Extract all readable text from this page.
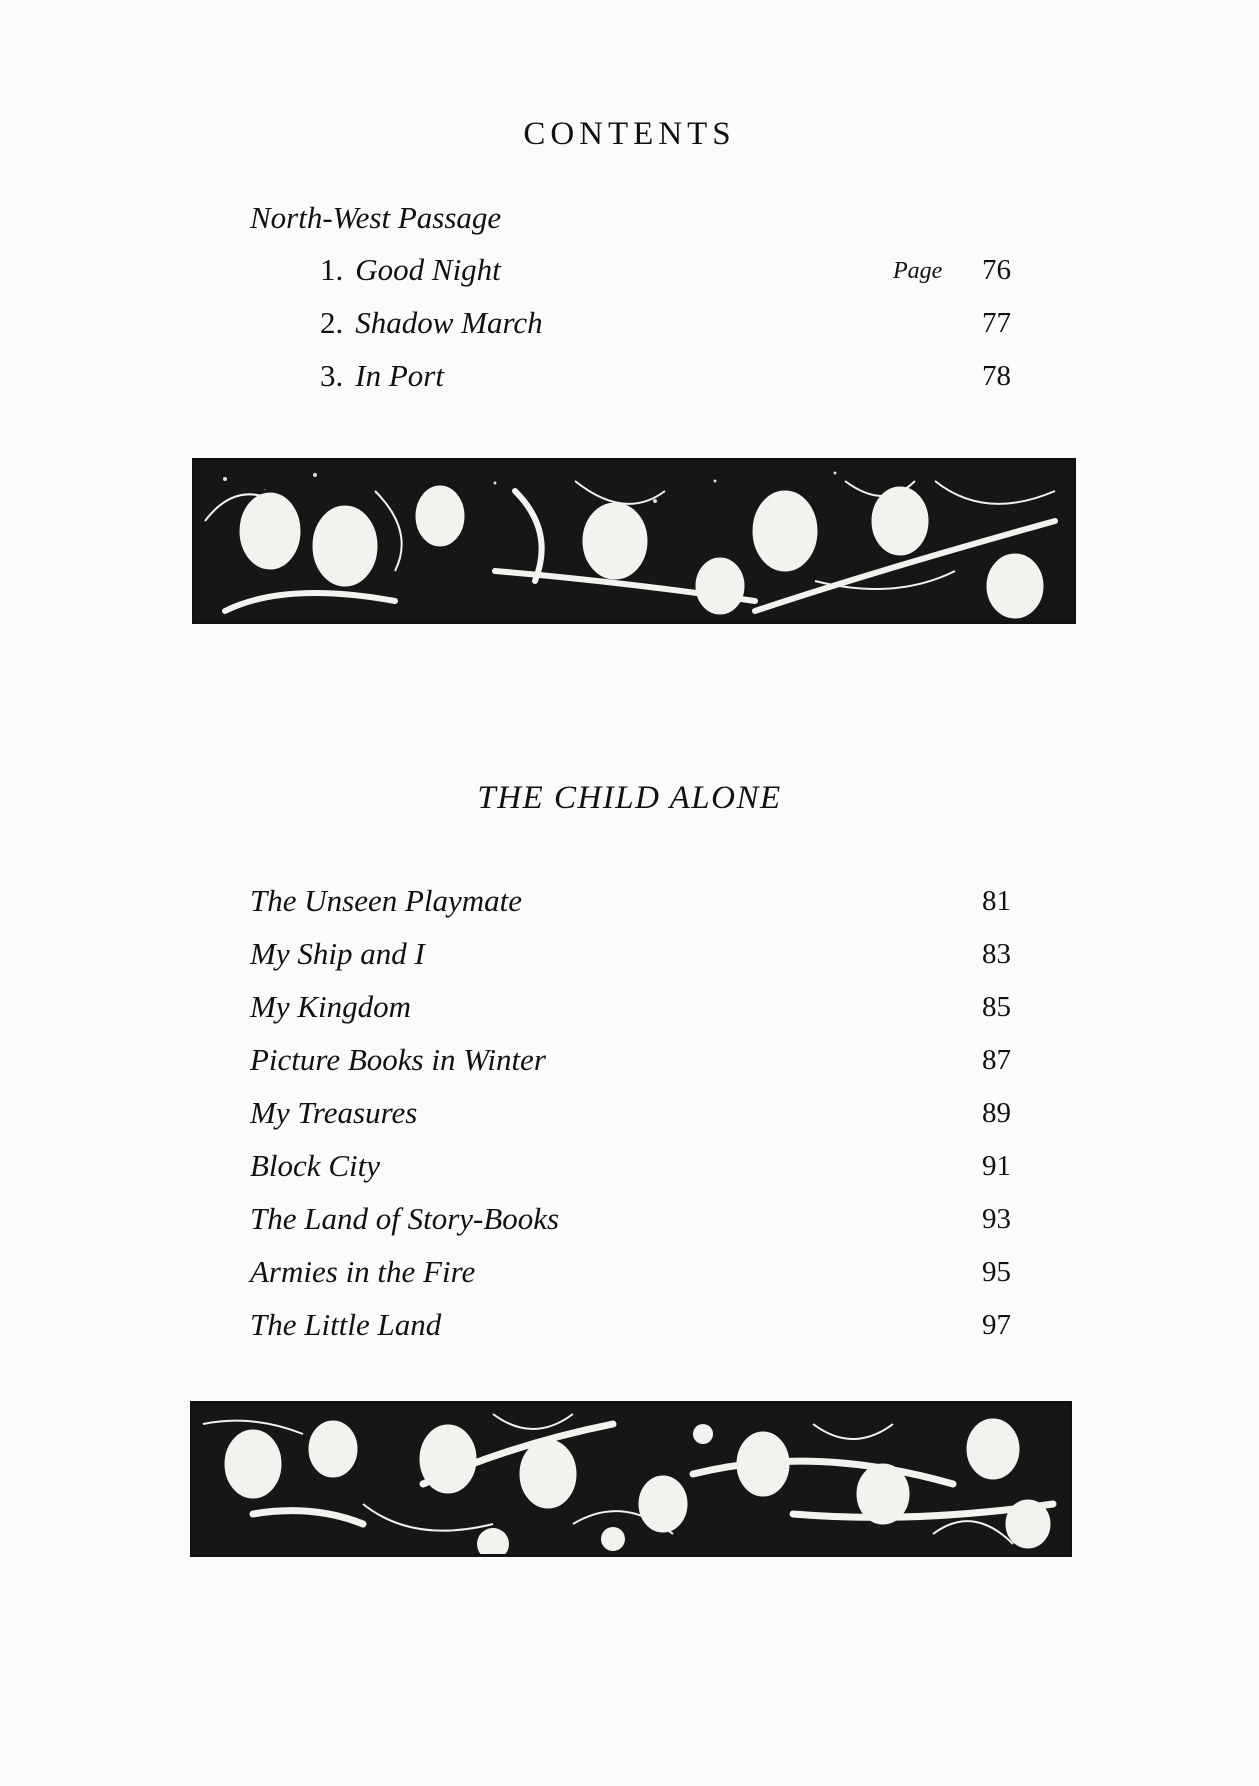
CONTENTS
North-West Passage
Page
1. Good Night	76
2. Shadow March	77
3. In Port	78
THE CHILD ALONE
The Unseen Playmate	81
My Ship and I	83
My Kingdom	85
Picture Books in Winter	87
My Treasures	89
Block City	91
The Land of Story-Books	93
Armies in the Fire	95
The Little Land	97
